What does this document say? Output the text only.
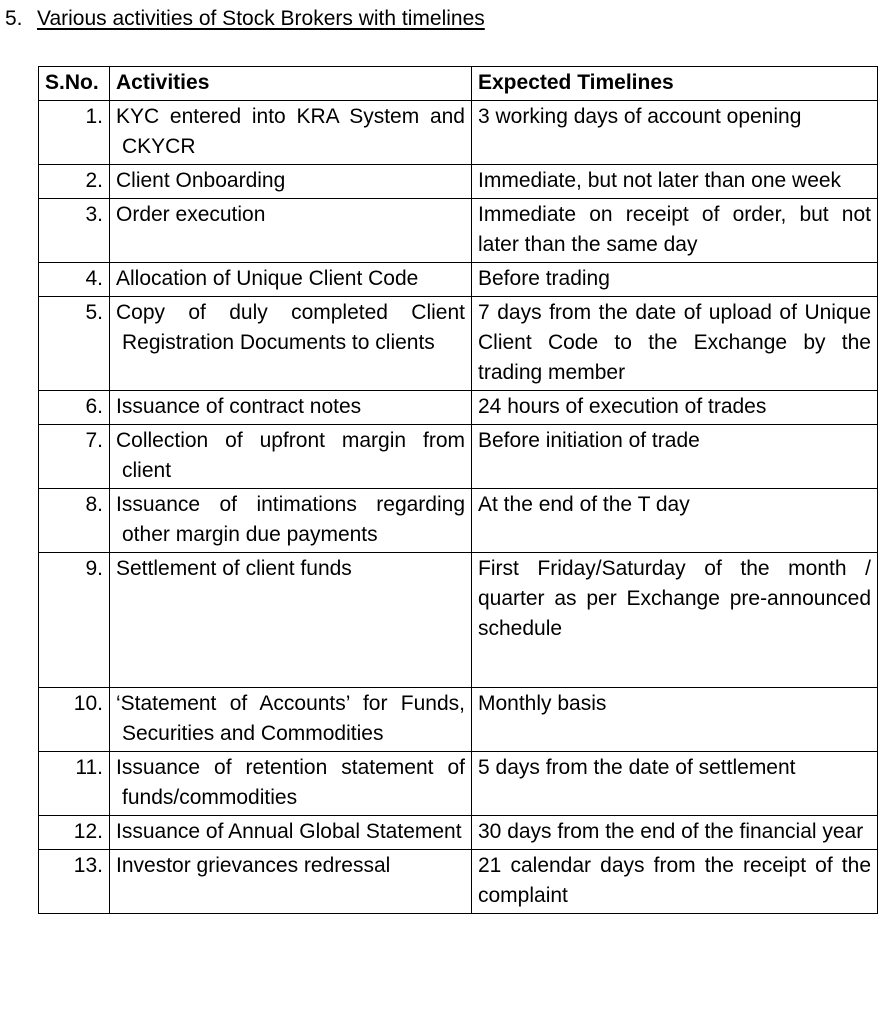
5. Various activities of Stock Brokers with timelines
S.No.	Activities	Expected Timelines
1.	KYC entered into KRA System and CKYCR	3 working days of account opening
2.	Client Onboarding	Immediate, but not later than one week
3.	Order execution	Immediate on receipt of order, but not later than the same day
4.	Allocation of Unique Client Code	Before trading
5.	Copy of duly completed Client Registration Documents to clients	7 days from the date of upload of Unique Client Code to the Exchange by the trading member
6.	Issuance of contract notes	24 hours of execution of trades
7.	Collection of upfront margin from client	Before initiation of trade
8.	Issuance of intimations regarding other margin due payments	At the end of the T day
9.	Settlement of client funds	First Friday/Saturday of the month / quarter as per Exchange pre-announced schedule
10.	‘Statement of Accounts’ for Funds, Securities and Commodities	Monthly basis
11.	Issuance of retention statement of funds/commodities	5 days from the date of settlement
12.	Issuance of Annual Global Statement	30 days from the end of the financial year
13.	Investor grievances redressal	21 calendar days from the receipt of the complaint
